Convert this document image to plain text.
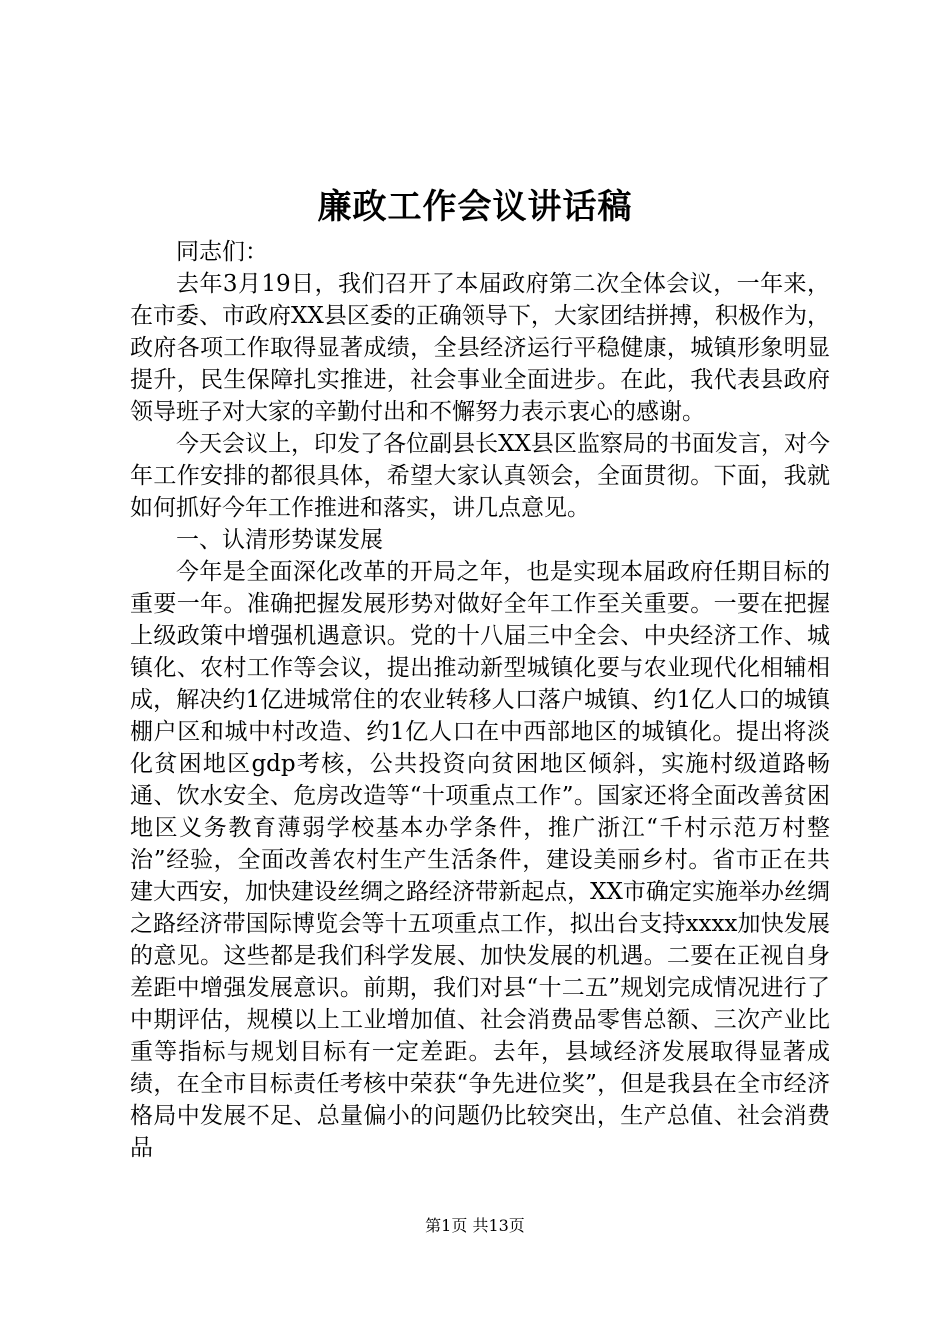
廉政工作会议讲话稿

同志们：

去年3月19日，我们召开了本届政府第二次全体会议，一年来，在市委、市政府XX县区委的正确领导下，大家团结拼搏，积极作为，政府各项工作取得显著成绩，全县经济运行平稳健康，城镇形象明显提升，民生保障扎实推进，社会事业全面进步。在此，我代表县政府领导班子对大家的辛勤付出和不懈努力表示衷心的感谢。

今天会议上，印发了各位副县长XX县区监察局的书面发言，对今年工作安排的都很具体，希望大家认真领会，全面贯彻。下面，我就如何抓好今年工作推进和落实，讲几点意见。

一、认清形势谋发展

今年是全面深化改革的开局之年，也是实现本届政府任期目标的重要一年。准确把握发展形势对做好全年工作至关重要。一要在把握上级政策中增强机遇意识。党的十八届三中全会、中央经济工作、城镇化、农村工作等会议，提出推动新型城镇化要与农业现代化相辅相成，解决约1亿进城常住的农业转移人口落户城镇、约1亿人口的城镇棚户区和城中村改造、约1亿人口在中西部地区的城镇化。提出将淡化贫困地区gdp考核，公共投资向贫困地区倾斜，实施村级道路畅通、饮水安全、危房改造等“十项重点工作”。国家还将全面改善贫困地区义务教育薄弱学校基本办学条件，推广浙江“千村示范万村整治”经验，全面改善农村生产生活条件，建设美丽乡村。省市正在共建大西安，加快建设丝绸之路经济带新起点，XX市确定实施举办丝绸之路经济带国际博览会等十五项重点工作，拟出台支持xxxx加快发展的意见。这些都是我们科学发展、加快发展的机遇。二要在正视自身差距中增强发展意识。前期，我们对县“十二五”规划完成情况进行了中期评估，规模以上工业增加值、社会消费品零售总额、三次产业比重等指标与规划目标有一定差距。去年，县域经济发展取得显著成绩，在全市目标责任考核中荣获“争先进位奖”，但是我县在全市经济格局中发展不足、总量偏小的问题仍比较突出，生产总值、社会消费品

第1页 共13页
